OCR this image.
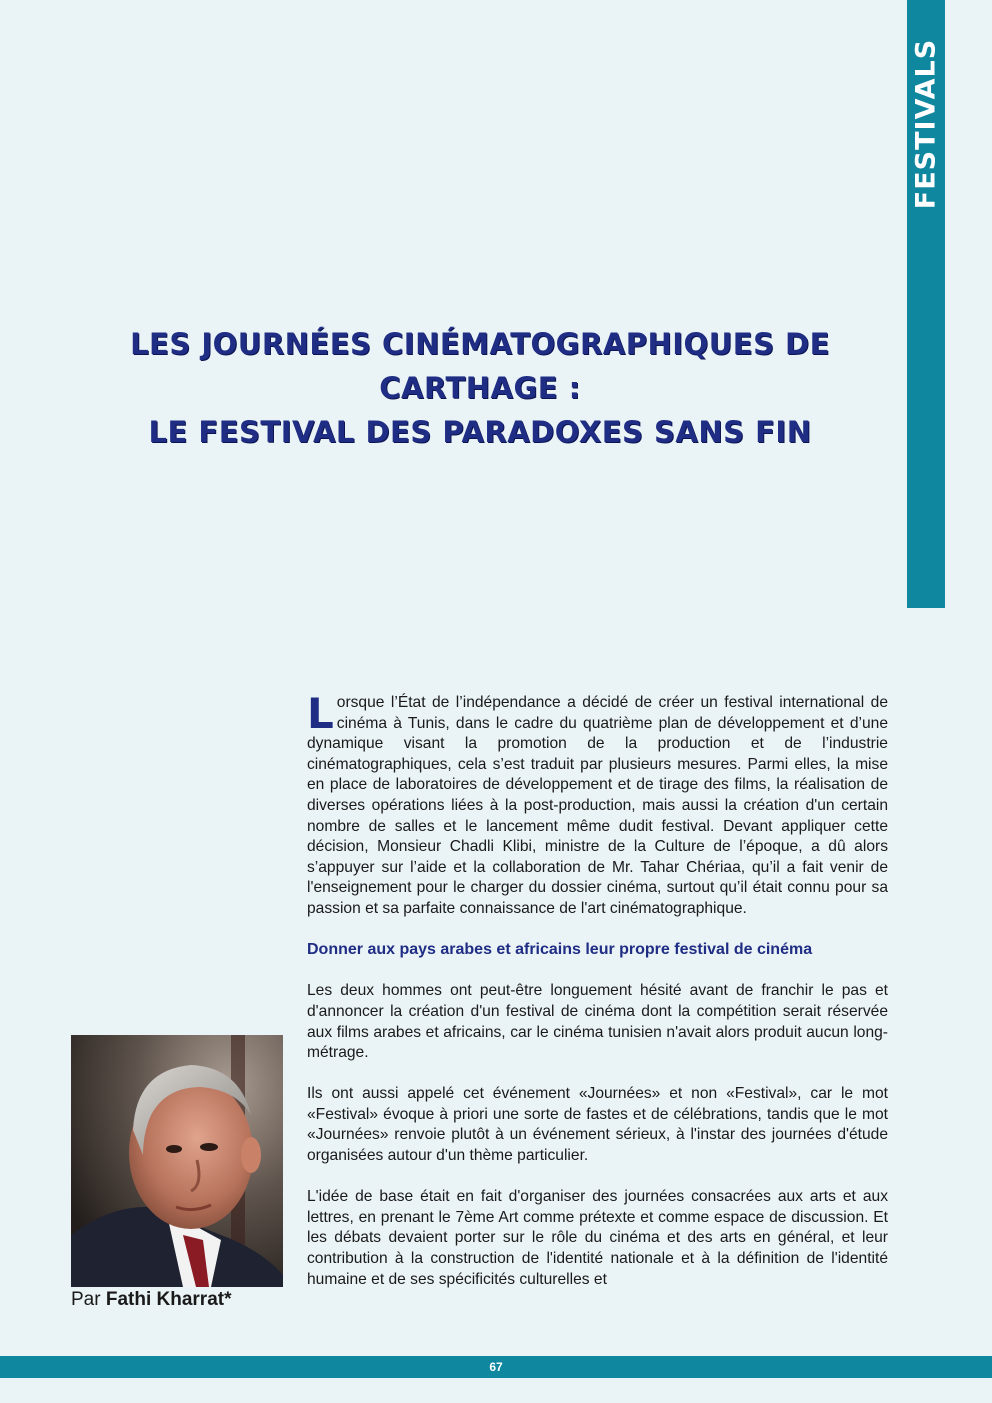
FESTIVALS
LES JOURNÉES CINÉMATOGRAPHIQUES DE CARTHAGE :
LE FESTIVAL DES PARADOXES SANS FIN

Lorsque l’État de l’indépendance a décidé de créer un festival international de cinéma à Tunis, dans le cadre du quatrième plan de développement et d’une dynamique visant la promotion de la production et de l’industrie cinématographiques, cela s’est traduit par plusieurs mesures. Parmi elles, la mise en place de laboratoires de développement et de tirage des films, la réalisation de diverses opérations liées à la post-production, mais aussi la création d'un certain nombre de salles et le lancement même dudit festival. Devant appliquer cette décision, Monsieur Chadli Klibi, ministre de la Culture de l’époque, a dû alors s’appuyer sur l’aide et la collaboration de Mr. Tahar Chériaa, qu’il a fait venir de l'enseignement pour le charger du dossier cinéma, surtout qu’il était connu pour sa passion et sa parfaite connaissance de l'art cinématographique.

Donner aux pays arabes et africains leur propre festival de cinéma

Les deux hommes ont peut-être longuement hésité avant de franchir le pas et d'annoncer la création d'un festival de cinéma dont la compétition serait réservée aux films arabes et africains, car le cinéma tunisien n'avait alors produit aucun long-métrage.

Ils ont aussi appelé cet événement «Journées» et non «Festival», car le mot «Festival» évoque à priori une sorte de fastes et de célébrations, tandis que le mot «Journées» renvoie plutôt à un événement sérieux, à l'instar des journées d'étude organisées autour d'un thème particulier.

L'idée de base était en fait d'organiser des journées consacrées aux arts et aux lettres, en prenant le 7ème Art comme prétexte et comme espace de discussion. Et les débats devaient porter sur le rôle du cinéma et des arts en général, et leur contribution à la construction de l'identité nationale et à la définition de l'identité humaine et de ses spécificités culturelles et

Par Fathi Kharrat*
67
